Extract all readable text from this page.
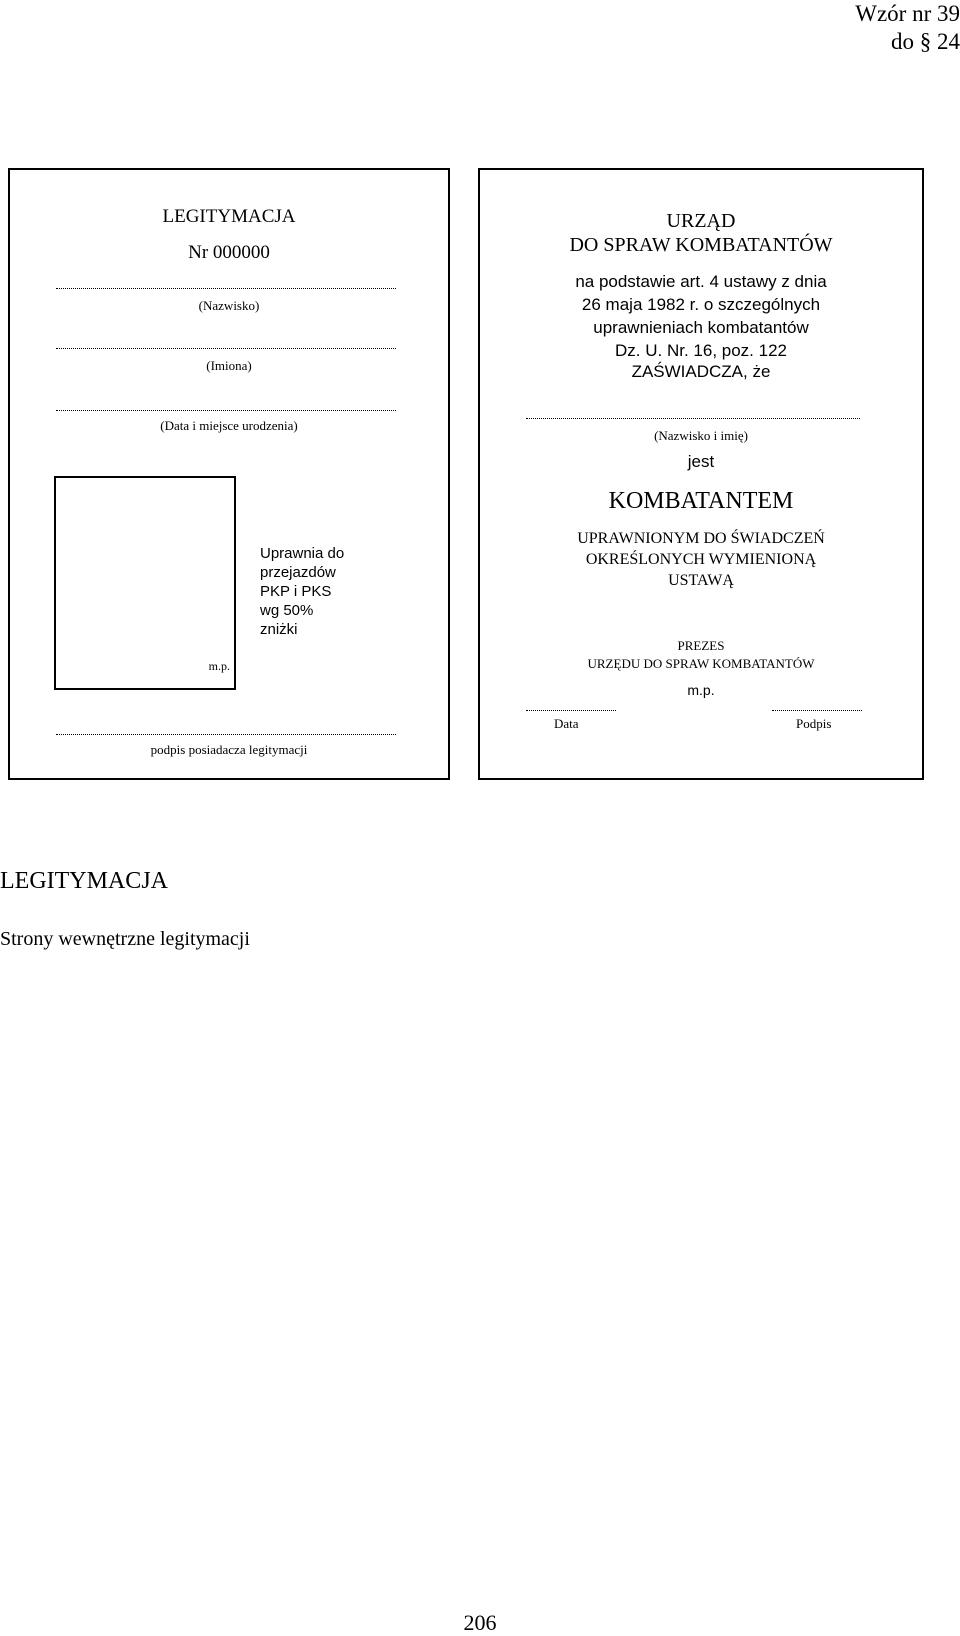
Wzór nr 39
do § 24
LEGITYMACJA
Nr 000000
(Nazwisko)
(Imiona)
(Data i miejsce urodzenia)
m.p.
Uprawnia do
przejazdów
PKP i PKS
wg 50%
zniżki
podpis posiadacza legitymacji
URZĄD
DO SPRAW KOMBATANTÓW
na podstawie art. 4 ustawy z dnia
26 maja 1982 r. o szczególnych
uprawnieniach kombatantów
Dz. U. Nr. 16, poz. 122
ZAŚWIADCZA, że
(Nazwisko i imię)
jest
KOMBATANTEM
UPRAWNIONYM DO ŚWIADCZEŃ
OKREŚLONYCH WYMIENIONĄ
USTAWĄ
PREZES
URZĘDU DO SPRAW KOMBATANTÓW
m.p.
Data	Podpis
LEGITYMACJA
Strony wewnętrzne legitymacji
206
